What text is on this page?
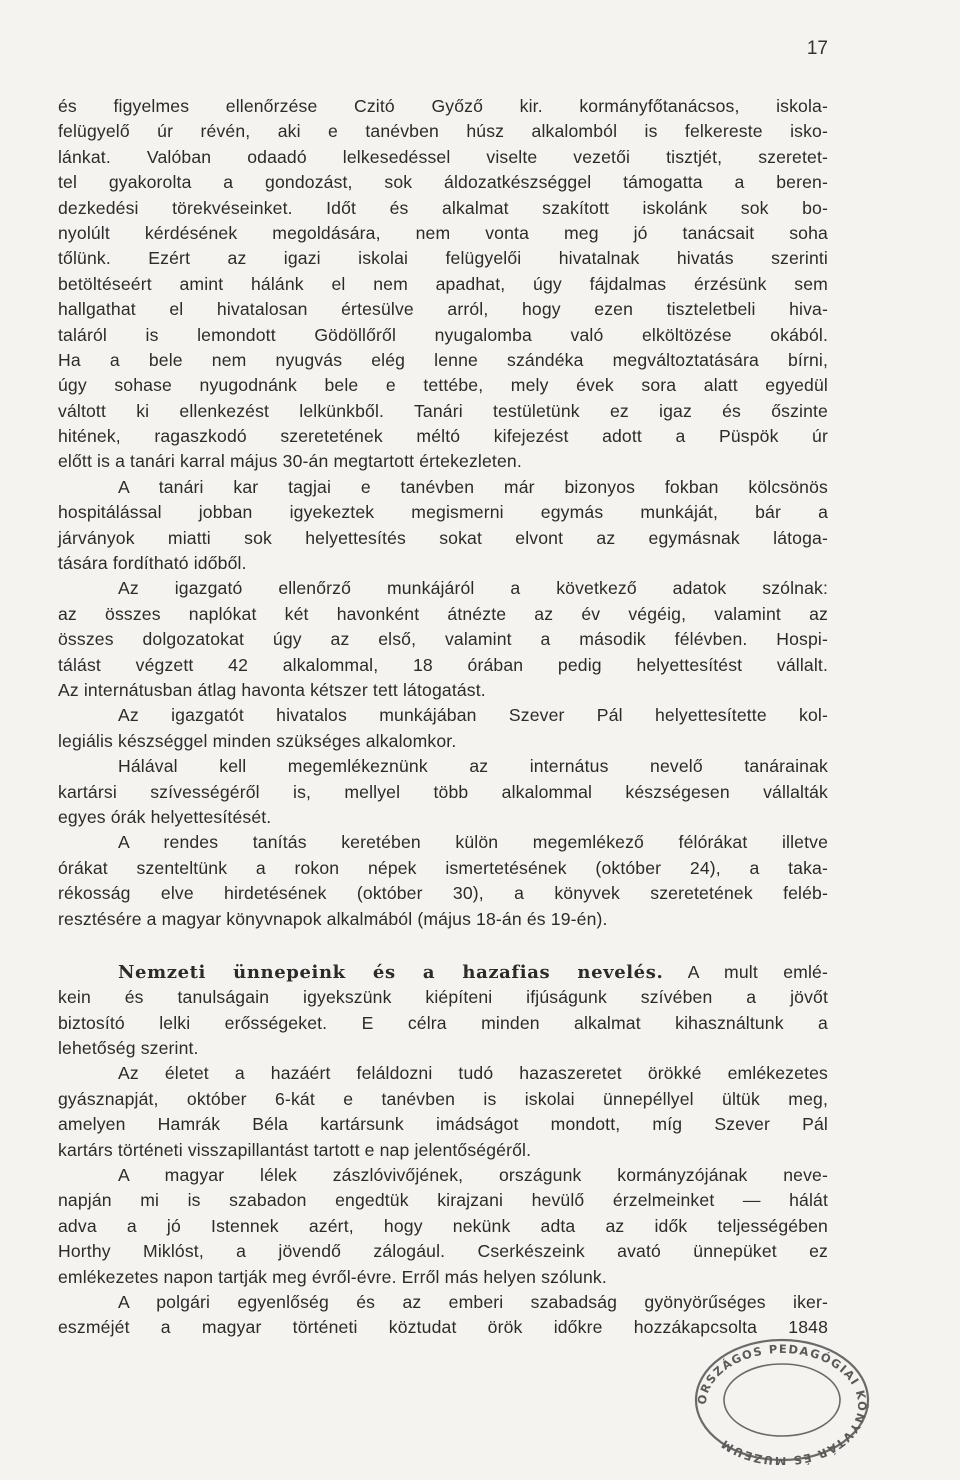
17
és figyelmes ellenőrzése Czitó Győző kir. kormányfőtanácsos, iskola-
felügyelő úr révén, aki e tanévben húsz alkalomból is felkereste isko-
lánkat. Valóban odaadó lelkesedéssel viselte vezetői tisztjét, szeretet-
tel gyakorolta a gondozást, sok áldozatkészséggel támogatta a beren-
dezkedési törekvéseinket. Időt és alkalmat szakított iskolánk sok bo-
nyolúlt kérdésének megoldására, nem vonta meg jó tanácsait soha
tőlünk. Ezért az igazi iskolai felügyelői hivatalnak hivatás szerinti
betöltéseért amint hálánk el nem apadhat, úgy fájdalmas érzésünk sem
hallgathat el hivatalosan értesülve arról, hogy ezen tiszteletbeli hiva-
taláról is lemondott Gödöllőről nyugalomba való elköltözése okából.
Ha a bele nem nyugvás elég lenne szándéka megváltoztatására bírni,
úgy sohase nyugodnánk bele e tettébe, mely évek sora alatt egyedül
váltott ki ellenkezést lelkünkből. Tanári testületünk ez igaz és őszinte
hitének, ragaszkodó szeretetének méltó kifejezést adott a Püspök úr
előtt is a tanári karral május 30-án megtartott értekezleten.
A tanári kar tagjai e tanévben már bizonyos fokban kölcsönös
hospitálással jobban igyekeztek megismerni egymás munkáját, bár a
járványok miatti sok helyettesítés sokat elvont az egymásnak látoga-
tására fordítható időből.
Az igazgató ellenőrző munkájáról a következő adatok szólnak:
az összes naplókat két havonként átnézte az év végéig, valamint az
összes dolgozatokat úgy az első, valamint a második félévben. Hospi-
tálást végzett 42 alkalommal, 18 órában pedig helyettesítést vállalt.
Az internátusban átlag havonta kétszer tett látogatást.
Az igazgatót hivatalos munkájában Szever Pál helyettesítette kol-
legiális készséggel minden szükséges alkalomkor.
Hálával kell megemlékeznünk az internátus nevelő tanárainak
kartársi szívességéről is, mellyel több alkalommal készségesen vállalták
egyes órák helyettesítését.
A rendes tanítás keretében külön megemlékező félórákat illetve
órákat szenteltünk a rokon népek ismertetésének (október 24), a taka-
rékosság elve hirdetésének (október 30), a könyvek szeretetének feléb-
resztésére a magyar könyvnapok alkalmából (május 18-án és 19-én).
Nemzeti ünnepeink és a hazafias nevelés. A mult emlé-
kein és tanulságain igyekszünk kiépíteni ifjúságunk szívében a jövőt
biztosító lelki erősségeket. E célra minden alkalmat kihasználtunk a
lehetőség szerint.
Az életet a hazáért feláldozni tudó hazaszeretet örökké emlékezetes
gyásznapját, október 6-kát e tanévben is iskolai ünnepéllyel ültük meg,
amelyen Hamrák Béla kartársunk imádságot mondott, míg Szever Pál
kartárs történeti visszapillantást tartott e nap jelentőségéről.
A magyar lélek zászlóvivőjének, országunk kormányzójának neve-
napján mi is szabadon engedtük kirajzani hevülő érzelmeinket — hálát
adva a jó Istennek azért, hogy nekünk adta az idők teljességében
Horthy Miklóst, a jövendő zálogául. Cserkészeink avató ünnepüket ez
emlékezetes napon tartják meg évről-évre. Erről más helyen szólunk.
A polgári egyenlőség és az emberi szabadság gyönyörűséges iker-
eszméjét a magyar történeti köztudat örök időkre hozzákapcsolta 1848
ORSZÁGOS PEDAGÓGIAI KÖNYVTÁR ÉS MÚZEUM
